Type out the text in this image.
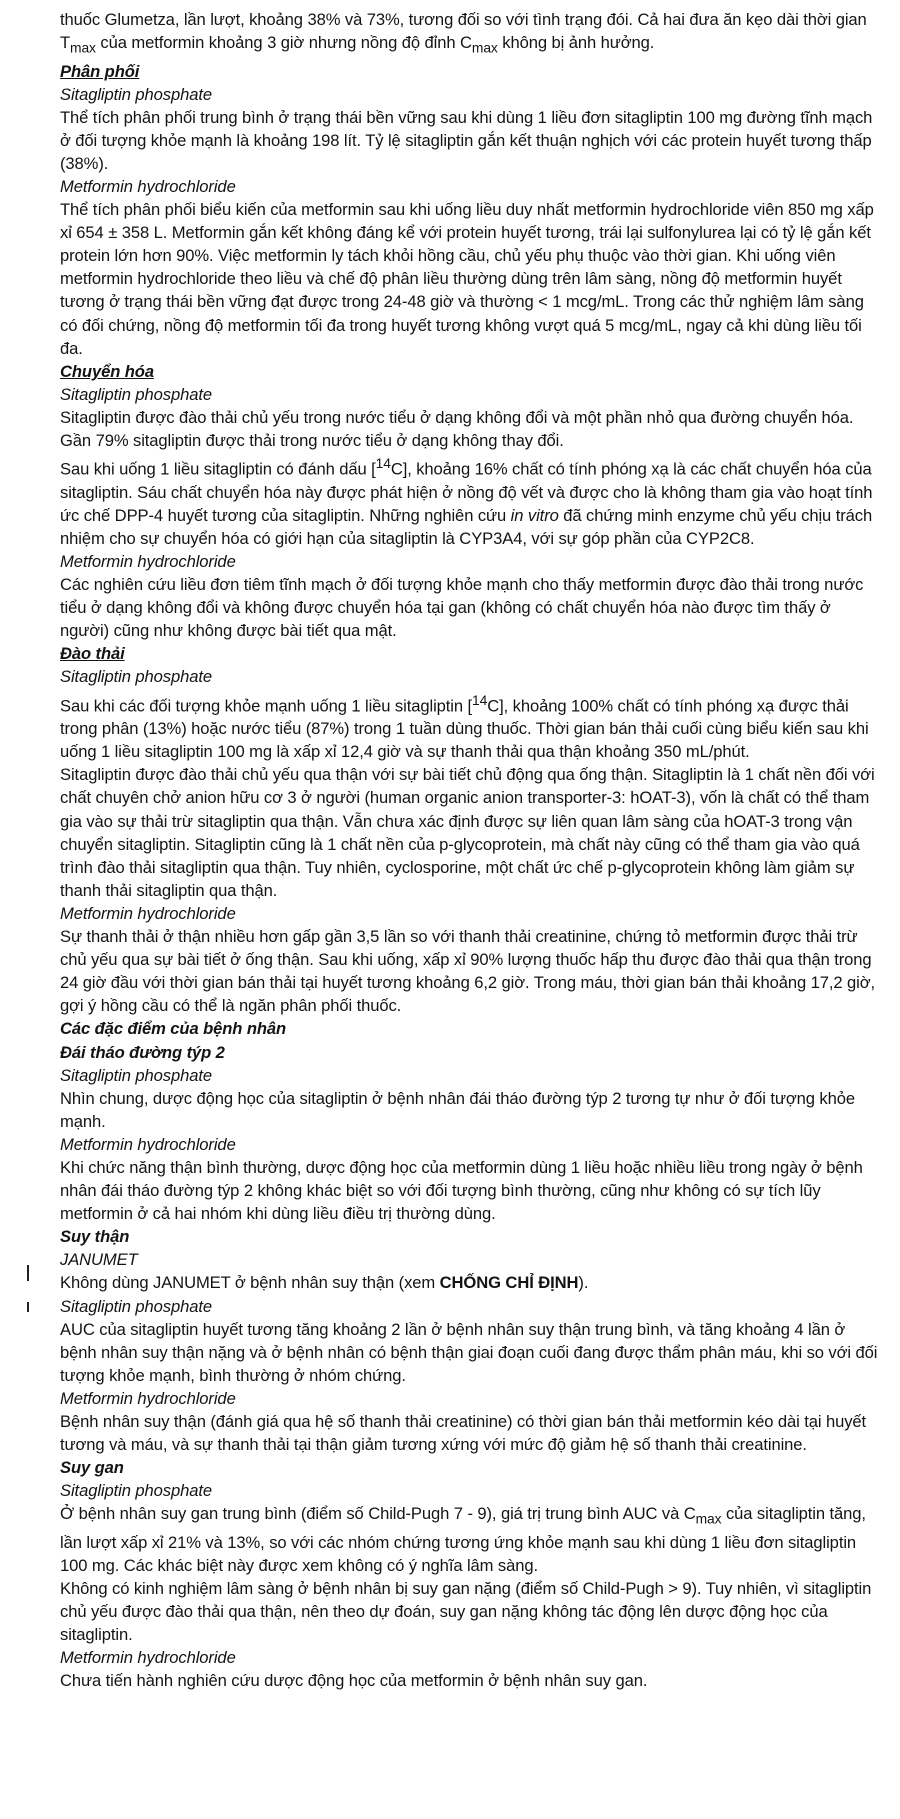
thuốc Glumetza, lần lượt, khoảng 38% và 73%, tương đối so với tình trạng đói. Cả hai đưa ăn kẹo dài thời gian $T_{max}$ của metformin khoảng 3 giờ nhưng nồng độ đỉnh $C_{max}$ không bị ảnh hưởng.

Phân phối

Sitagliptin phosphate

Thể tích phân phối trung bình ở trạng thái bền vững sau khi dùng 1 liều đơn sitagliptin 100 mg đường tĩnh mạch ở đối tượng khỏe mạnh là khoảng 198 lít. Tỷ lệ sitagliptin gắn kết thuận nghịch với các protein huyết tương thấp (38%).

Metformin hydrochloride

Thể tích phân phối biểu kiến của metformin sau khi uống liều duy nhất metformin hydrochloride viên 850 mg xấp xỉ 654 ± 358 L. Metformin gắn kết không đáng kể với protein huyết tương, trái lại sulfonylurea lại có tỷ lệ gắn kết protein lớn hơn 90%. Việc metformin ly tách khỏi hồng cầu, chủ yếu phụ thuộc vào thời gian. Khi uống viên metformin hydrochloride theo liều và chế độ phân liều thường dùng trên lâm sàng, nồng độ metformin huyết tương ở trạng thái bền vững đạt được trong 24-48 giờ và thường < 1 mcg/mL. Trong các thử nghiệm lâm sàng có đối chứng, nồng độ metformin tối đa trong huyết tương không vượt quá 5 mcg/mL, ngay cả khi dùng liều tối đa.

Chuyển hóa

Sitagliptin phosphate

Sitagliptin được đào thải chủ yếu trong nước tiểu ở dạng không đổi và một phần nhỏ qua đường chuyển hóa. Gần 79% sitagliptin được thải trong nước tiểu ở dạng không thay đổi.

Sau khi uống 1 liều sitagliptin có đánh dấu [$^{14}$C], khoảng 16% chất có tính phóng xạ là các chất chuyển hóa của sitagliptin. Sáu chất chuyển hóa này được phát hiện ở nồng độ vết và được cho là không tham gia vào hoạt tính ức chế DPP-4 huyết tương của sitagliptin. Những nghiên cứu in vitro đã chứng minh enzyme chủ yếu chịu trách nhiệm cho sự chuyển hóa có giới hạn của sitagliptin là CYP3A4, với sự góp phần của CYP2C8.

Metformin hydrochloride

Các nghiên cứu liều đơn tiêm tĩnh mạch ở đối tượng khỏe mạnh cho thấy metformin được đào thải trong nước tiểu ở dạng không đổi và không được chuyển hóa tại gan (không có chất chuyển hóa nào được tìm thấy ở người) cũng như không được bài tiết qua mật.

Đào thải

Sitagliptin phosphate

Sau khi các đối tượng khỏe mạnh uống 1 liều sitagliptin [$^{14}$C], khoảng 100% chất có tính phóng xạ được thải trong phân (13%) hoặc nước tiểu (87%) trong 1 tuần dùng thuốc. Thời gian bán thải cuối cùng biểu kiến sau khi uống 1 liều sitagliptin 100 mg là xấp xỉ 12,4 giờ và sự thanh thải qua thận khoảng 350 mL/phút.

Sitagliptin được đào thải chủ yếu qua thận với sự bài tiết chủ động qua ống thận. Sitagliptin là 1 chất nền đối với chất chuyên chở anion hữu cơ 3 ở người (human organic anion transporter-3: hOAT-3), vốn là chất có thể tham gia vào sự thải trừ sitagliptin qua thận. Vẫn chưa xác định được sự liên quan lâm sàng của hOAT-3 trong vận chuyển sitagliptin. Sitagliptin cũng là 1 chất nền của p-glycoprotein, mà chất này cũng có thể tham gia vào quá trình đào thải sitagliptin qua thận. Tuy nhiên, cyclosporine, một chất ức chế p-glycoprotein không làm giảm sự thanh thải sitagliptin qua thận.

Metformin hydrochloride

Sự thanh thải ở thận nhiều hơn gấp gần 3,5 lần so với thanh thải creatinine, chứng tỏ metformin được thải trừ chủ yếu qua sự bài tiết ở ống thận. Sau khi uống, xấp xỉ 90% lượng thuốc hấp thu được đào thải qua thận trong 24 giờ đầu với thời gian bán thải tại huyết tương khoảng 6,2 giờ. Trong máu, thời gian bán thải khoảng 17,2 giờ, gợi ý hồng cầu có thể là ngăn phân phối thuốc.

Các đặc điểm của bệnh nhân

Đái tháo đường týp 2

Sitagliptin phosphate

Nhìn chung, dược động học của sitagliptin ở bệnh nhân đái tháo đường týp 2 tương tự như ở đối tượng khỏe mạnh.

Metformin hydrochloride

Khi chức năng thận bình thường, dược động học của metformin dùng 1 liều hoặc nhiều liều trong ngày ở bệnh nhân đái tháo đường týp 2 không khác biệt so với đối tượng bình thường, cũng như không có sự tích lũy metformin ở cả hai nhóm khi dùng liều điều trị thường dùng.

Suy thận

JANUMET

Không dùng JANUMET ở bệnh nhân suy thận (xem CHỐNG CHỈ ĐỊNH).

Sitagliptin phosphate

AUC của sitagliptin huyết tương tăng khoảng 2 lần ở bệnh nhân suy thận trung bình, và tăng khoảng 4 lần ở bệnh nhân suy thận nặng và ở bệnh nhân có bệnh thận giai đoạn cuối đang được thẩm phân máu, khi so với đối tượng khỏe mạnh, bình thường ở nhóm chứng.

Metformin hydrochloride

Bệnh nhân suy thận (đánh giá qua hệ số thanh thải creatinine) có thời gian bán thải metformin kéo dài tại huyết tương và máu, và sự thanh thải tại thận giảm tương xứng với mức độ giảm hệ số thanh thải creatinine.

Suy gan

Sitagliptin phosphate

Ở bệnh nhân suy gan trung bình (điểm số Child-Pugh 7 - 9), giá trị trung bình AUC và $C_{max}$ của sitagliptin tăng, lần lượt xấp xỉ 21% và 13%, so với các nhóm chứng tương ứng khỏe mạnh sau khi dùng 1 liều đơn sitagliptin 100 mg. Các khác biệt này được xem không có ý nghĩa lâm sàng.

Không có kinh nghiệm lâm sàng ở bệnh nhân bị suy gan nặng (điểm số Child-Pugh > 9). Tuy nhiên, vì sitagliptin chủ yếu được đào thải qua thận, nên theo dự đoán, suy gan nặng không tác động lên dược động học của sitagliptin.

Metformin hydrochloride

Chưa tiến hành nghiên cứu dược động học của metformin ở bệnh nhân suy gan.
